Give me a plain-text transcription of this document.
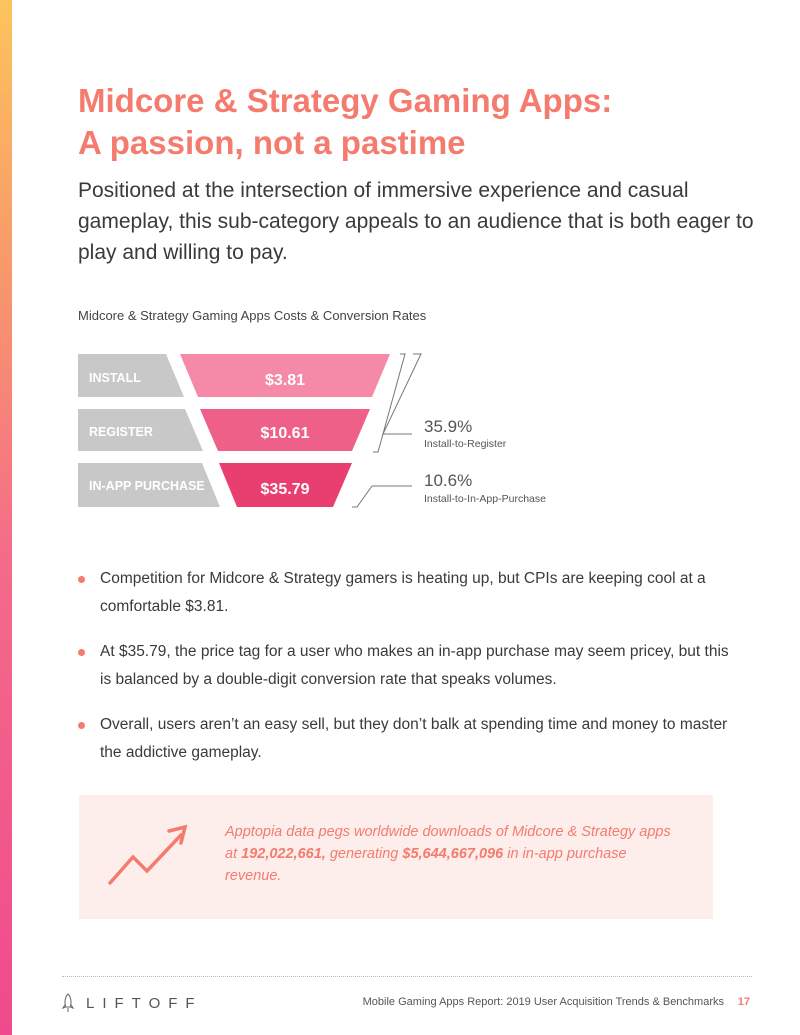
Midcore & Strategy Gaming Apps:
A passion, not a pastime

Positioned at the intersection of immersive experience and casual gameplay, this sub-category appeals to an audience that is both eager to play and willing to pay.

Midcore & Strategy Gaming Apps Costs & Conversion Rates
INSTALL
REGISTER
IN-APP PURCHASE
$3.81
$10.61
$35.79
35.9%
Install-to-Register
10.6%
Install-to-In-App-Purchase
Competition for Midcore & Strategy gamers is heating up, but CPIs are keeping cool at a comfortable $3.81.
At $35.79, the price tag for a user who makes an in-app purchase may seem pricey, but this is balanced by a double-digit conversion rate that speaks volumes.
Overall, users aren’t an easy sell, but they don’t balk at spending time and money to master the addictive gameplay.

Apptopia data pegs worldwide downloads of Midcore & Strategy apps at 192,022,661, generating $5,644,667,096 in in-app purchase revenue.

LIFTOFF	Mobile Gaming Apps Report: 2019 User Acquisition Trends & Benchmarks 17
